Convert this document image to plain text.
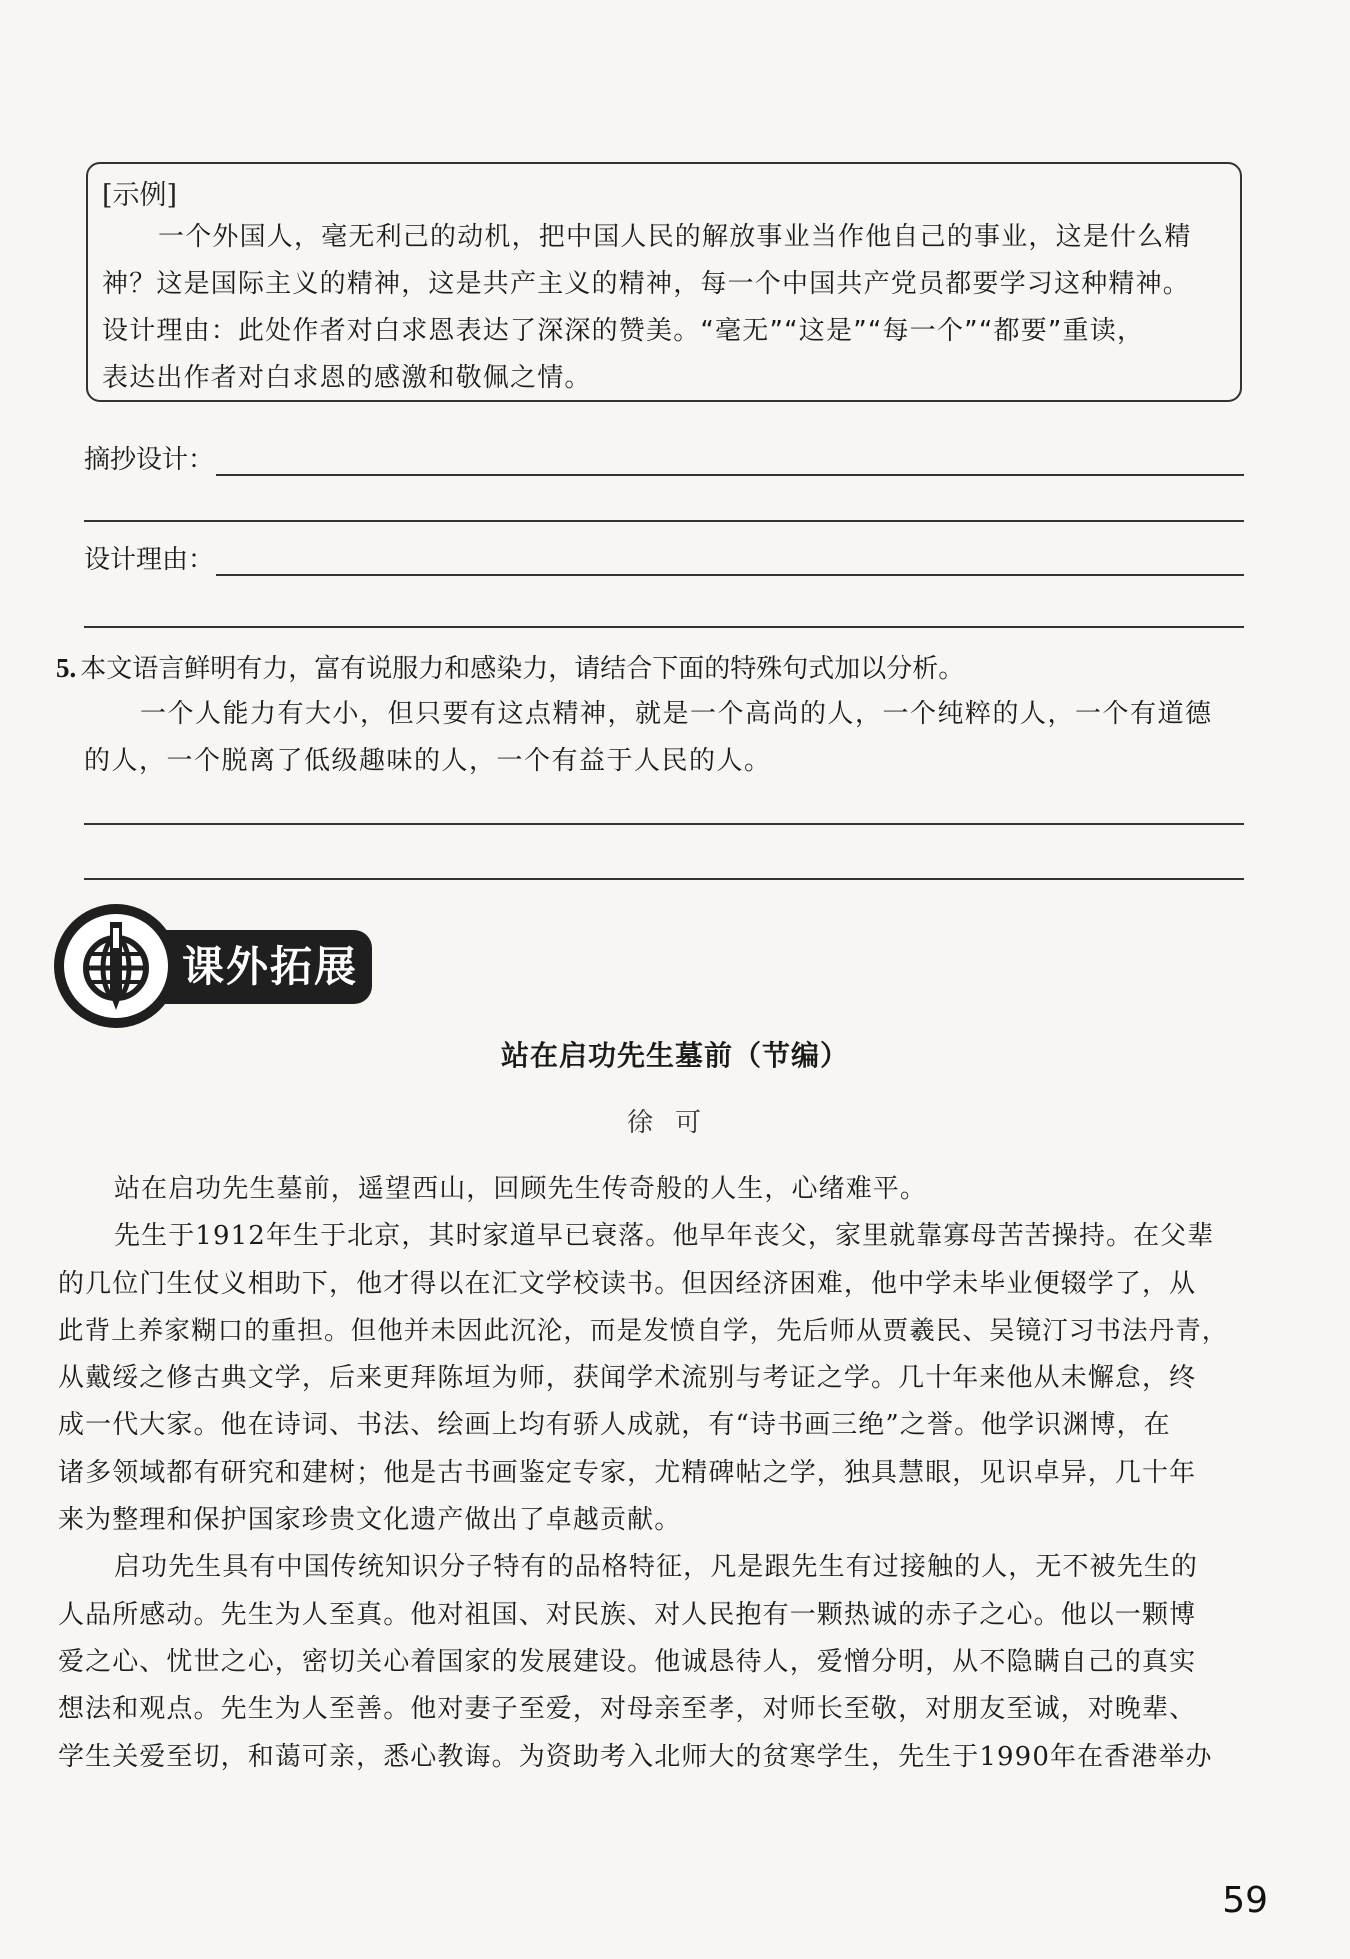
[示例]
一个外国人，毫无利己的动机，把中国人民的解放事业当作他自己的事业，这是什么精
神？这是国际主义的精神，这是共产主义的精神，每一个中国共产党员都要学习这种精神。
设计理由：此处作者对白求恩表达了深深的赞美。“毫无”“这是”“每一个”“都要”重读，
表达出作者对白求恩的感激和敬佩之情。
摘抄设计：
设计理由：
5. 本文语言鲜明有力，富有说服力和感染力，请结合下面的特殊句式加以分析。
一个人能力有大小，但只要有这点精神，就是一个高尚的人，一个纯粹的人，一个有道德
的人，一个脱离了低级趣味的人，一个有益于人民的人。
课外拓展
站在启功先生墓前（节编）
徐可
站在启功先生墓前，遥望西山，回顾先生传奇般的人生，心绪难平。
先生于1912年生于北京，其时家道早已衰落。他早年丧父，家里就靠寡母苦苦操持。在父辈
的几位门生仗义相助下，他才得以在汇文学校读书。但因经济困难，他中学未毕业便辍学了，从
此背上养家糊口的重担。但他并未因此沉沦，而是发愤自学，先后师从贾羲民、吴镜汀习书法丹青，
从戴绥之修古典文学，后来更拜陈垣为师，获闻学术流别与考证之学。几十年来他从未懈怠，终
成一代大家。他在诗词、书法、绘画上均有骄人成就，有“诗书画三绝”之誉。他学识渊博，在
诸多领域都有研究和建树；他是古书画鉴定专家，尤精碑帖之学，独具慧眼，见识卓异，几十年
来为整理和保护国家珍贵文化遗产做出了卓越贡献。
启功先生具有中国传统知识分子特有的品格特征，凡是跟先生有过接触的人，无不被先生的
人品所感动。先生为人至真。他对祖国、对民族、对人民抱有一颗热诚的赤子之心。他以一颗博
爱之心、忧世之心，密切关心着国家的发展建设。他诚恳待人，爱憎分明，从不隐瞒自己的真实
想法和观点。先生为人至善。他对妻子至爱，对母亲至孝，对师长至敬，对朋友至诚，对晚辈、
学生关爱至切，和蔼可亲，悉心教诲。为资助考入北师大的贫寒学生，先生于1990年在香港举办
59
